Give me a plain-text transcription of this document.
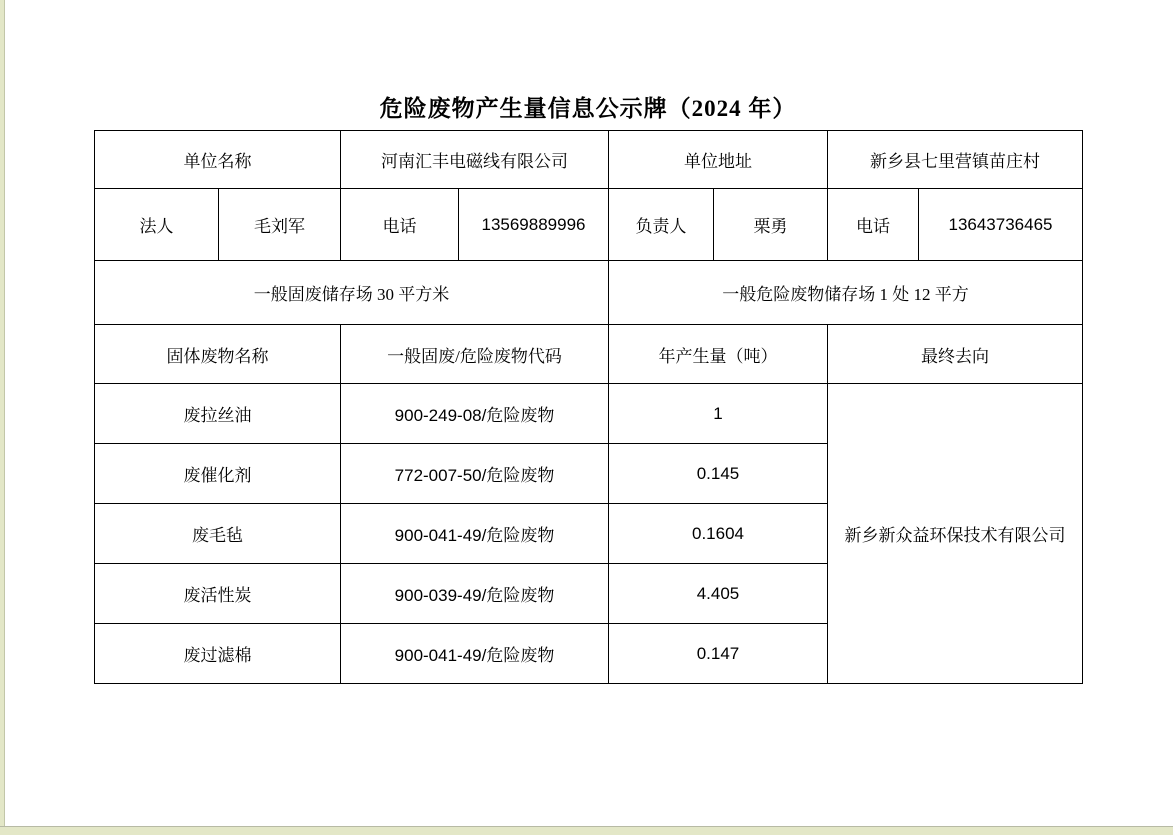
危险废物产生量信息公示牌（2024 年）
单位名称		河南汇丰电磁线有限公司		单位地址		新乡县七里营镇苗庄村	
法人	毛刘军	电话	13569889996	负责人	栗勇	电话	13643736465
一般固废储存场 30 平方米				一般危险废物储存场 1 处 12 平方			
固体废物名称		一般固废/危险废物代码		年产生量（吨）		最终去向	
废拉丝油		900-249-08/危险废物		1		新乡新众益环保技术有限公司	
废催化剂		772-007-50/危险废物		0.145			
废毛毡		900-041-49/危险废物		0.1604			
废活性炭		900-039-49/危险废物		4.405			
废过滤棉		900-041-49/危险废物		0.147			
